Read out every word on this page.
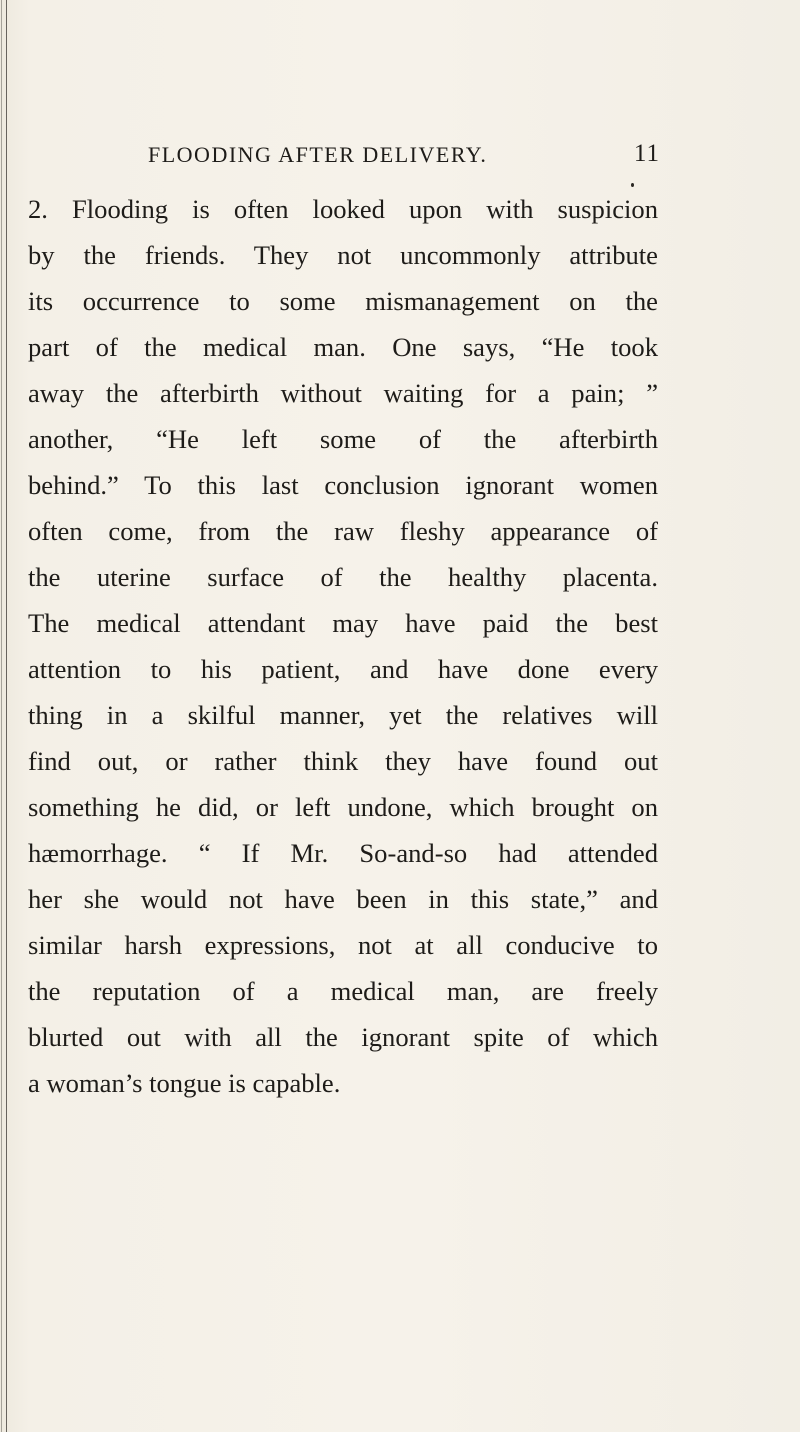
FLOODING AFTER DELIVERY.	11
2. Flooding is often looked upon with suspicion
by the friends. They not uncommonly attribute
its occurrence to some mismanagement on the
part of the medical man. One says, “He took
away the afterbirth without waiting for a pain; ”
another, “He left some of the afterbirth
behind.” To this last conclusion ignorant women
often come, from the raw fleshy appearance of
the uterine surface of the healthy placenta.
The medical attendant may have paid the best
attention to his patient, and have done every
thing in a skilful manner, yet the relatives will
find out, or rather think they have found out
something he did, or left undone, which brought on
hæmorrhage. “ If Mr. So-and-so had attended
her she would not have been in this state,” and
similar harsh expressions, not at all conducive to
the reputation of a medical man, are freely
blurted out with all the ignorant spite of which
a woman’s tongue is capable.
